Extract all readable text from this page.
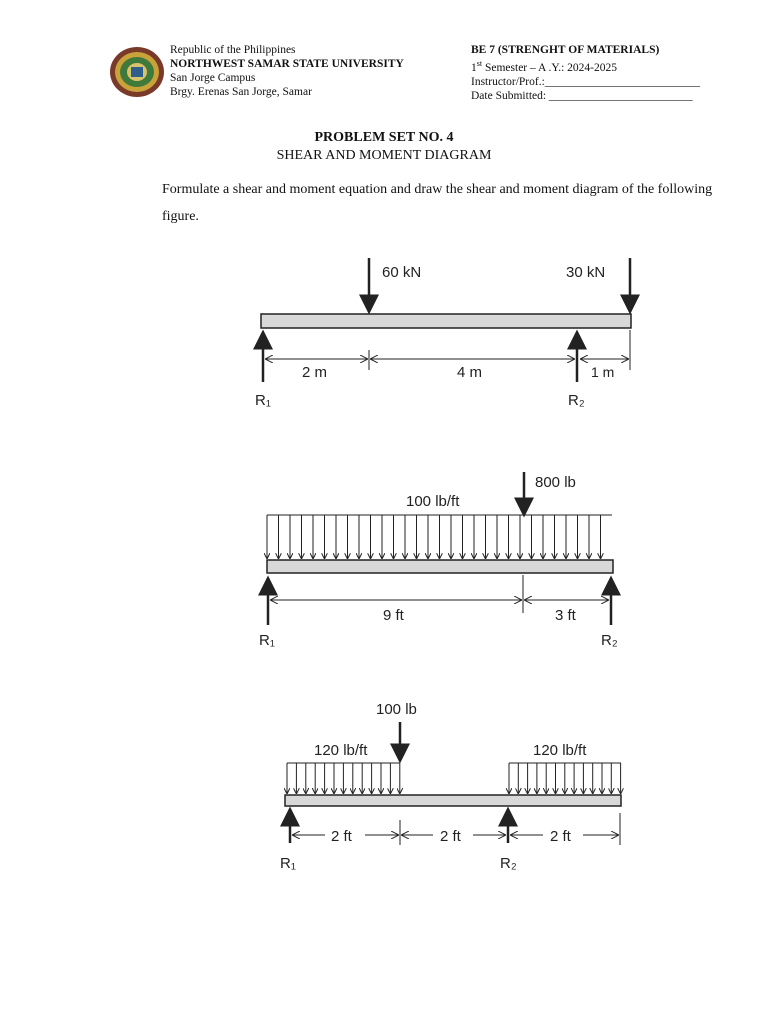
Republic of the Philippines
NORTHWEST SAMAR STATE UNIVERSITY
San Jorge Campus
Brgy. Erenas San Jorge, Samar
BE 7 (STRENGHT OF MATERIALS)
1st Semester – A .Y.: 2024-2025
Instructor/Prof.:___________________________
Date Submitted: _________________________
PROBLEM SET NO. 4
SHEAR AND MOMENT DIAGRAM
Formulate a shear and moment equation and draw the shear and moment diagram of the following figure.
60 kN	30 kN
2 m	4 m	1 m
R₁	R₂
800 lb
100 lb/ft
9 ft	3 ft
R₁	R₂
100 lb
120 lb/ft	120 lb/ft
2 ft	2 ft	2 ft
R₁	R₂
